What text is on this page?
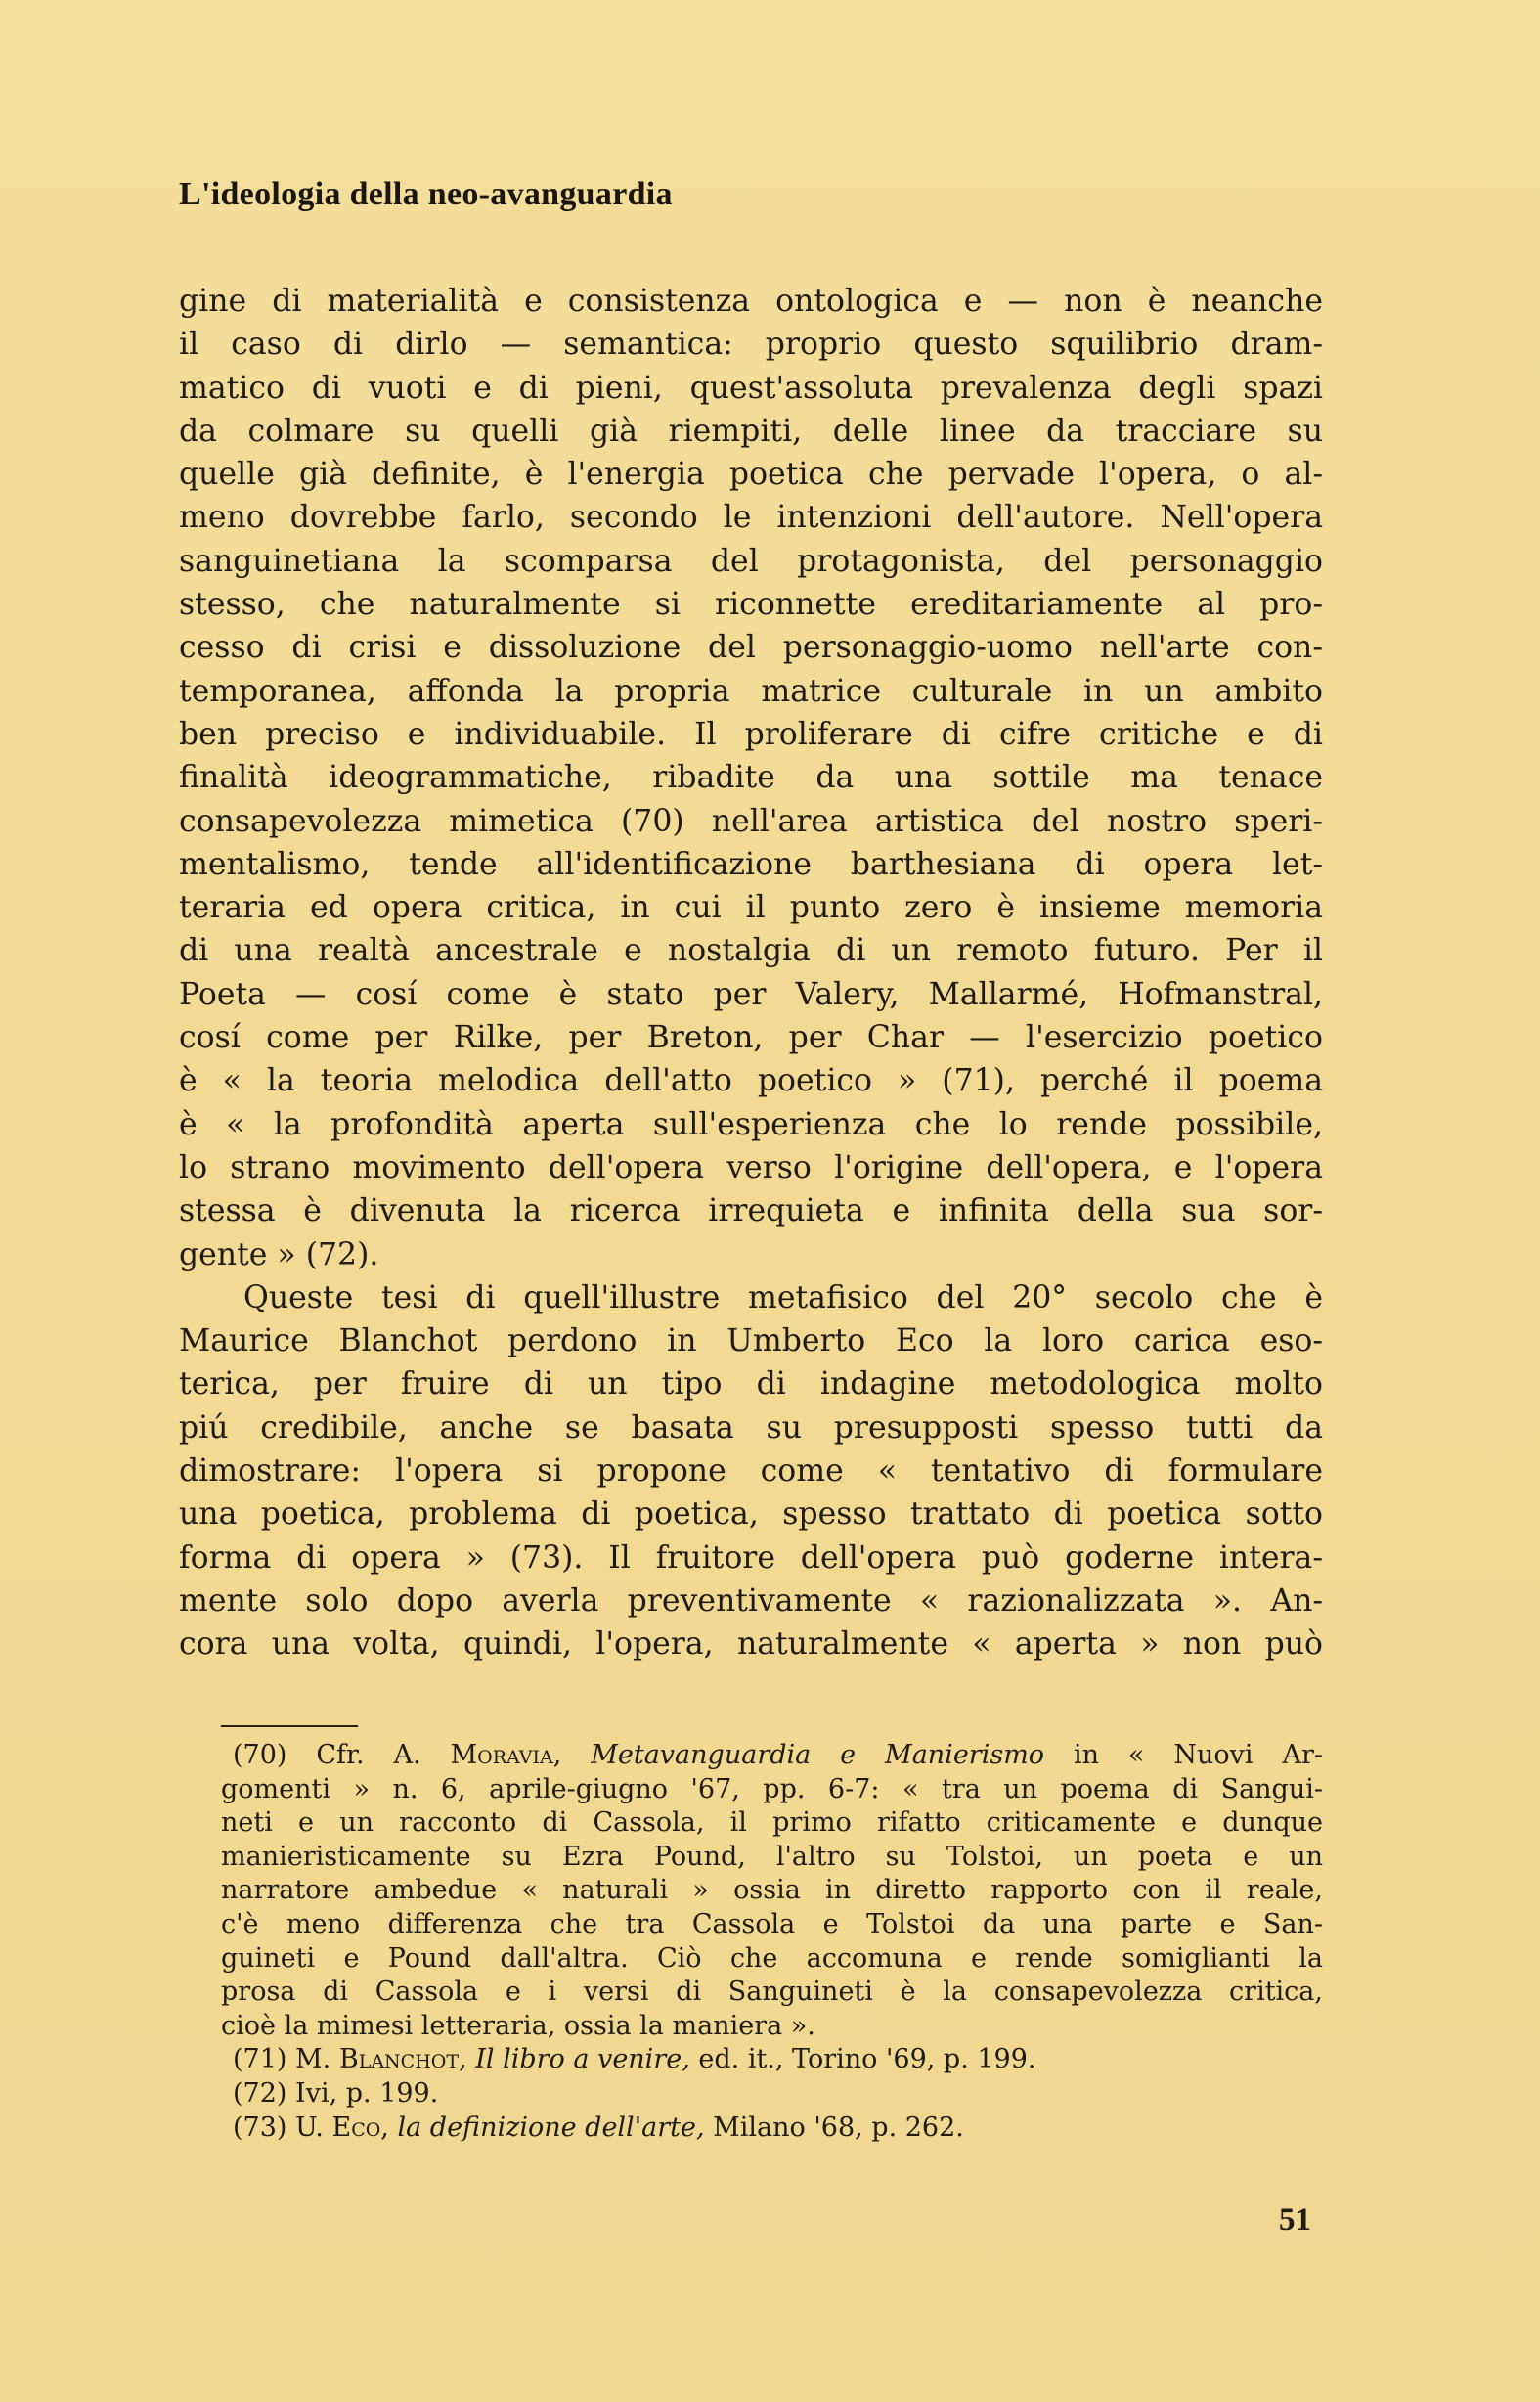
L'ideologia della neo-avanguardia

gine di materialità e consistenza ontologica e — non è neanche
il caso di dirlo — semantica: proprio questo squilibrio dram-
matico di vuoti e di pieni, quest'assoluta prevalenza degli spazi
da colmare su quelli già riempiti, delle linee da tracciare su
quelle già definite, è l'energia poetica che pervade l'opera, o al-
meno dovrebbe farlo, secondo le intenzioni dell'autore. Nell'opera
sanguinetiana la scomparsa del protagonista, del personaggio
stesso, che naturalmente si riconnette ereditariamente al pro-
cesso di crisi e dissoluzione del personaggio-uomo nell'arte con-
temporanea, affonda la propria matrice culturale in un ambito
ben preciso e individuabile. Il proliferare di cifre critiche e di
finalità ideogrammatiche, ribadite da una sottile ma tenace
consapevolezza mimetica (70) nell'area artistica del nostro speri-
mentalismo, tende all'identificazione barthesiana di opera let-
teraria ed opera critica, in cui il punto zero è insieme memoria
di una realtà ancestrale e nostalgia di un remoto futuro. Per il
Poeta — cosí come è stato per Valery, Mallarmé, Hofmanstral,
cosí come per Rilke, per Breton, per Char — l'esercizio poetico
è « la teoria melodica dell'atto poetico » (71), perché il poema
è « la profondità aperta sull'esperienza che lo rende possibile,
lo strano movimento dell'opera verso l'origine dell'opera, e l'opera
stessa è divenuta la ricerca irrequieta e infinita della sua sor-
gente » (72).

Queste tesi di quell'illustre metafisico del 20° secolo che è
Maurice Blanchot perdono in Umberto Eco la loro carica eso-
terica, per fruire di un tipo di indagine metodologica molto
piú credibile, anche se basata su presupposti spesso tutti da
dimostrare: l'opera si propone come « tentativo di formulare
una poetica, problema di poetica, spesso trattato di poetica sotto
forma di opera » (73). Il fruitore dell'opera può goderne intera-
mente solo dopo averla preventivamente « razionalizzata ». An-
cora una volta, quindi, l'opera, naturalmente « aperta » non può

(70) Cfr. A. Moravia, Metavanguardia e Manierismo in « Nuovi Ar-
gomenti » n. 6, aprile-giugno '67, pp. 6-7: « tra un poema di Sangui-
neti e un racconto di Cassola, il primo rifatto criticamente e dunque
manieristicamente su Ezra Pound, l'altro su Tolstoi, un poeta e un
narratore ambedue « naturali » ossia in diretto rapporto con il reale,
c'è meno differenza che tra Cassola e Tolstoi da una parte e San-
guineti e Pound dall'altra. Ciò che accomuna e rende somiglianti la
prosa di Cassola e i versi di Sanguineti è la consapevolezza critica,
cioè la mimesi letteraria, ossia la maniera ».

(71) M. Blanchot, Il libro a venire, ed. it., Torino '69, p. 199.

(72) Ivi, p. 199.

(73) U. Eco, la definizione dell'arte, Milano '68, p. 262.

51
